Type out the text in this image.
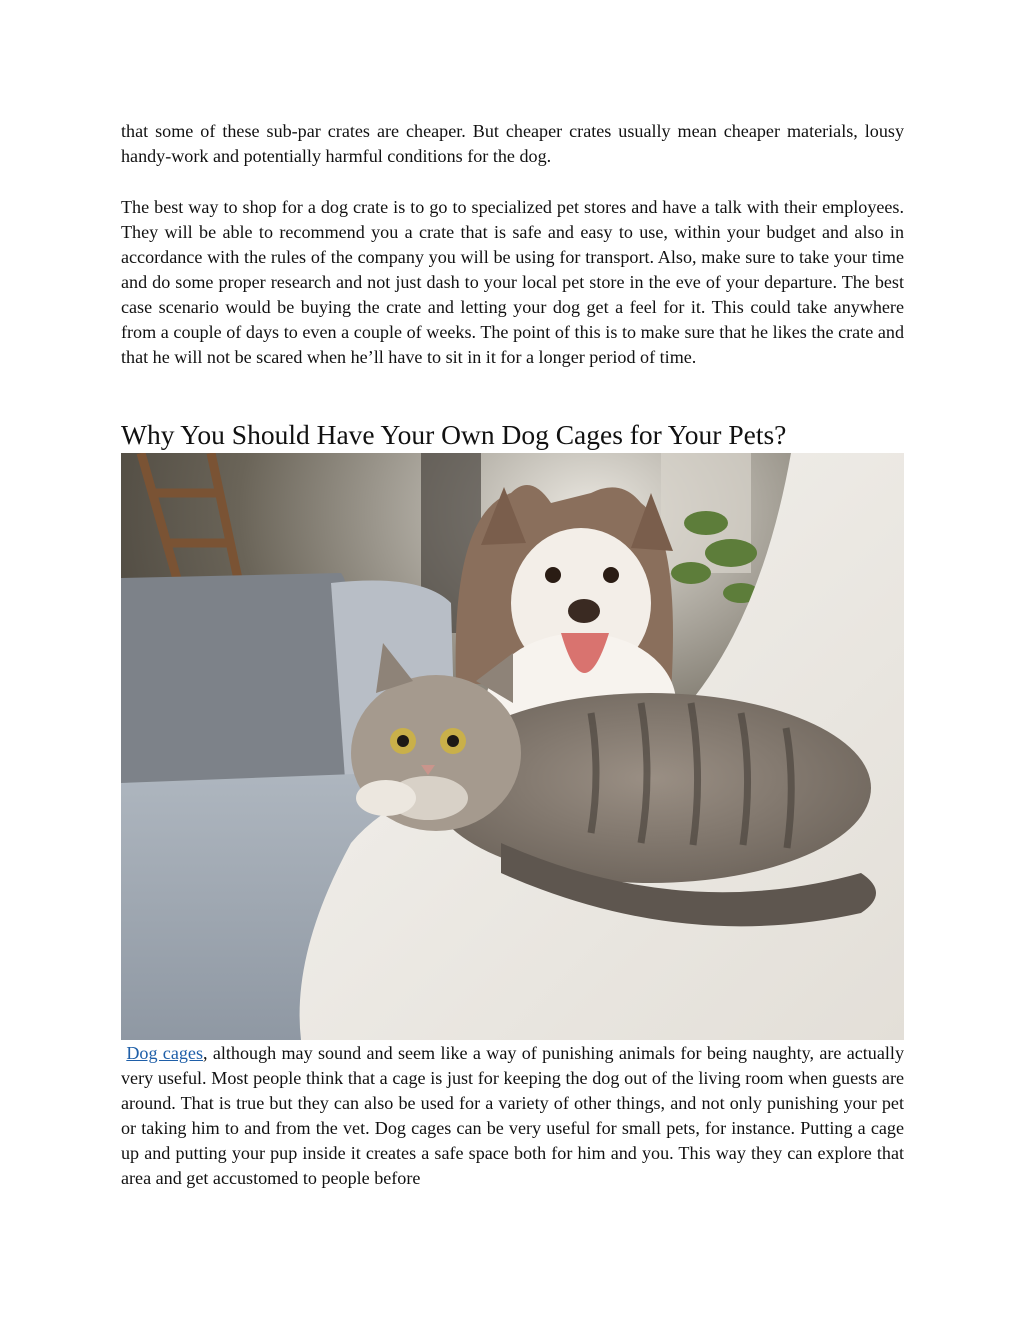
that some of these sub-par crates are cheaper. But cheaper crates usually mean cheaper materials, lousy handy-work and potentially harmful conditions for the dog.

The best way to shop for a dog crate is to go to specialized pet stores and have a talk with their employees. They will be able to recommend you a crate that is safe and easy to use, within your budget and also in accordance with the rules of the company you will be using for transport. Also, make sure to take your time and do some proper research and not just dash to your local pet store in the eve of your departure. The best case scenario would be buying the crate and letting your dog get a feel for it. This could take anywhere from a couple of days to even a couple of weeks. The point of this is to make sure that he likes the crate and that he will not be scared when he’ll have to sit in it for a longer period of time.

Why You Should Have Your Own Dog Cages for Your Pets?

Dog cages, although may sound and seem like a way of punishing animals for being naughty, are actually very useful. Most people think that a cage is just for keeping the dog out of the living room when guests are around. That is true but they can also be used for a variety of other things, and not only punishing your pet or taking him to and from the vet. Dog cages can be very useful for small pets, for instance. Putting a cage up and putting your pup inside it creates a safe space both for him and you. This way they can explore that area and get accustomed to people before
